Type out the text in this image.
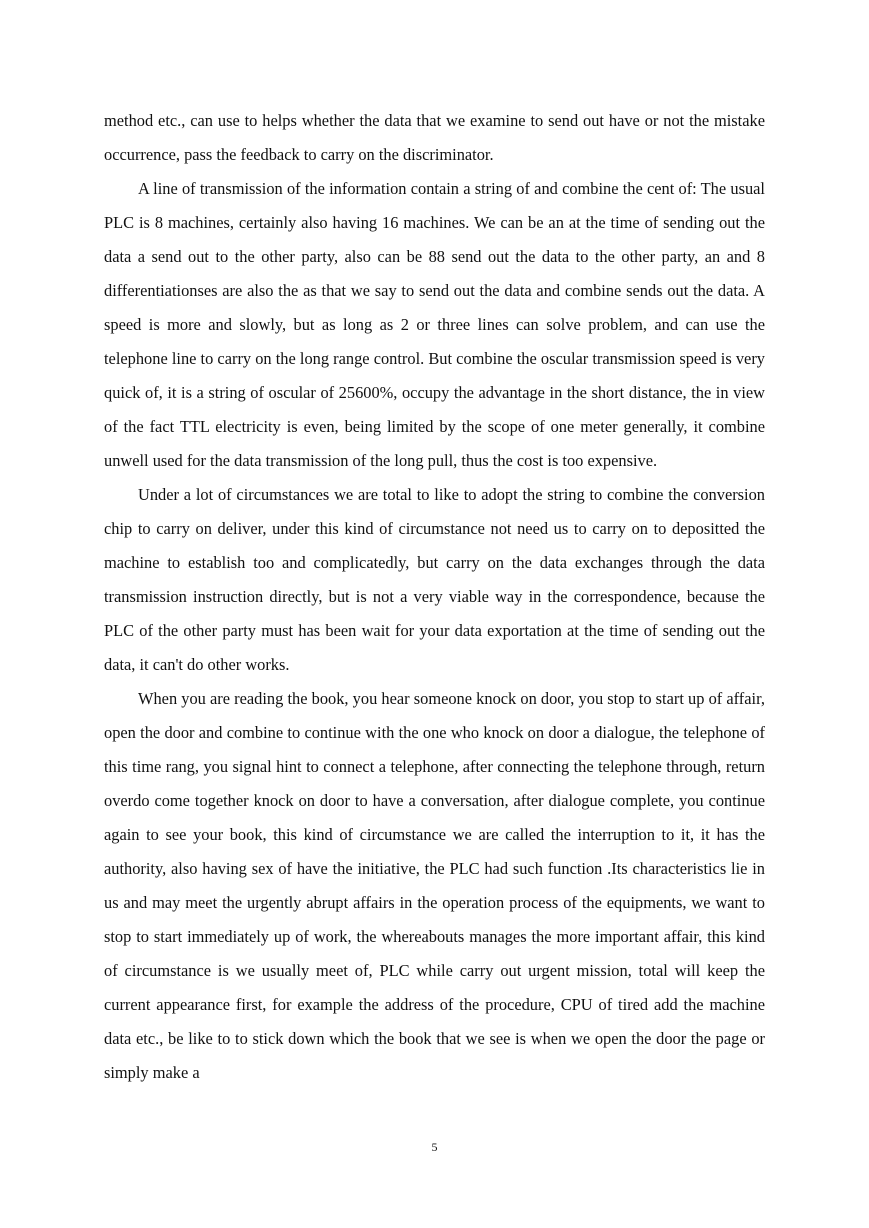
method etc., can use to helps whether the data that we examine to send out have or not the mistake occurrence, pass the feedback to carry on the discriminator.

A line of transmission of the information contain a string of and combine the cent of: The usual PLC is 8 machines, certainly also having 16 machines. We can be an at the time of sending out the data a send out to the other party, also can be 88 send out the data to the other party, an and 8 differentiationses are also the as that we say to send out the data and combine sends out the data. A speed is more and slowly, but as long as 2 or three lines can solve problem, and can use the telephone line to carry on the long range control. But combine the oscular transmission speed is very quick of, it is a string of oscular of 25600%, occupy the advantage in the short distance, the in view of the fact TTL electricity is even, being limited by the scope of one meter generally, it combine unwell used for the data transmission of the long pull, thus the cost is too expensive.

Under a lot of circumstances we are total to like to adopt the string to combine the conversion chip to carry on deliver, under this kind of circumstance not need us to carry on to depositted the machine to establish too and complicatedly, but carry on the data exchanges through the data transmission instruction directly, but is not a very viable way in the correspondence, because the PLC of the other party must has been wait for your data exportation at the time of sending out the data, it can't do other works.

When you are reading the book, you hear someone knock on door, you stop to start up of affair, open the door and combine to continue with the one who knock on door a dialogue, the telephone of this time rang, you signal hint to connect a telephone, after connecting the telephone through, return overdo come together knock on door to have a conversation, after dialogue complete, you continue again to see your book, this kind of circumstance we are called the interruption to it, it has the authority, also having sex of have the initiative, the PLC had such function .Its characteristics lie in us and may meet the urgently abrupt affairs in the operation process of the equipments, we want to stop to start immediately up of work, the whereabouts manages the more important affair, this kind of circumstance is we usually meet of, PLC while carry out urgent mission, total will keep the current appearance first, for example the address of the procedure, CPU of tired add the machine data etc., be like to to stick down which the book that we see is when we open the door the page or simply make a

5
